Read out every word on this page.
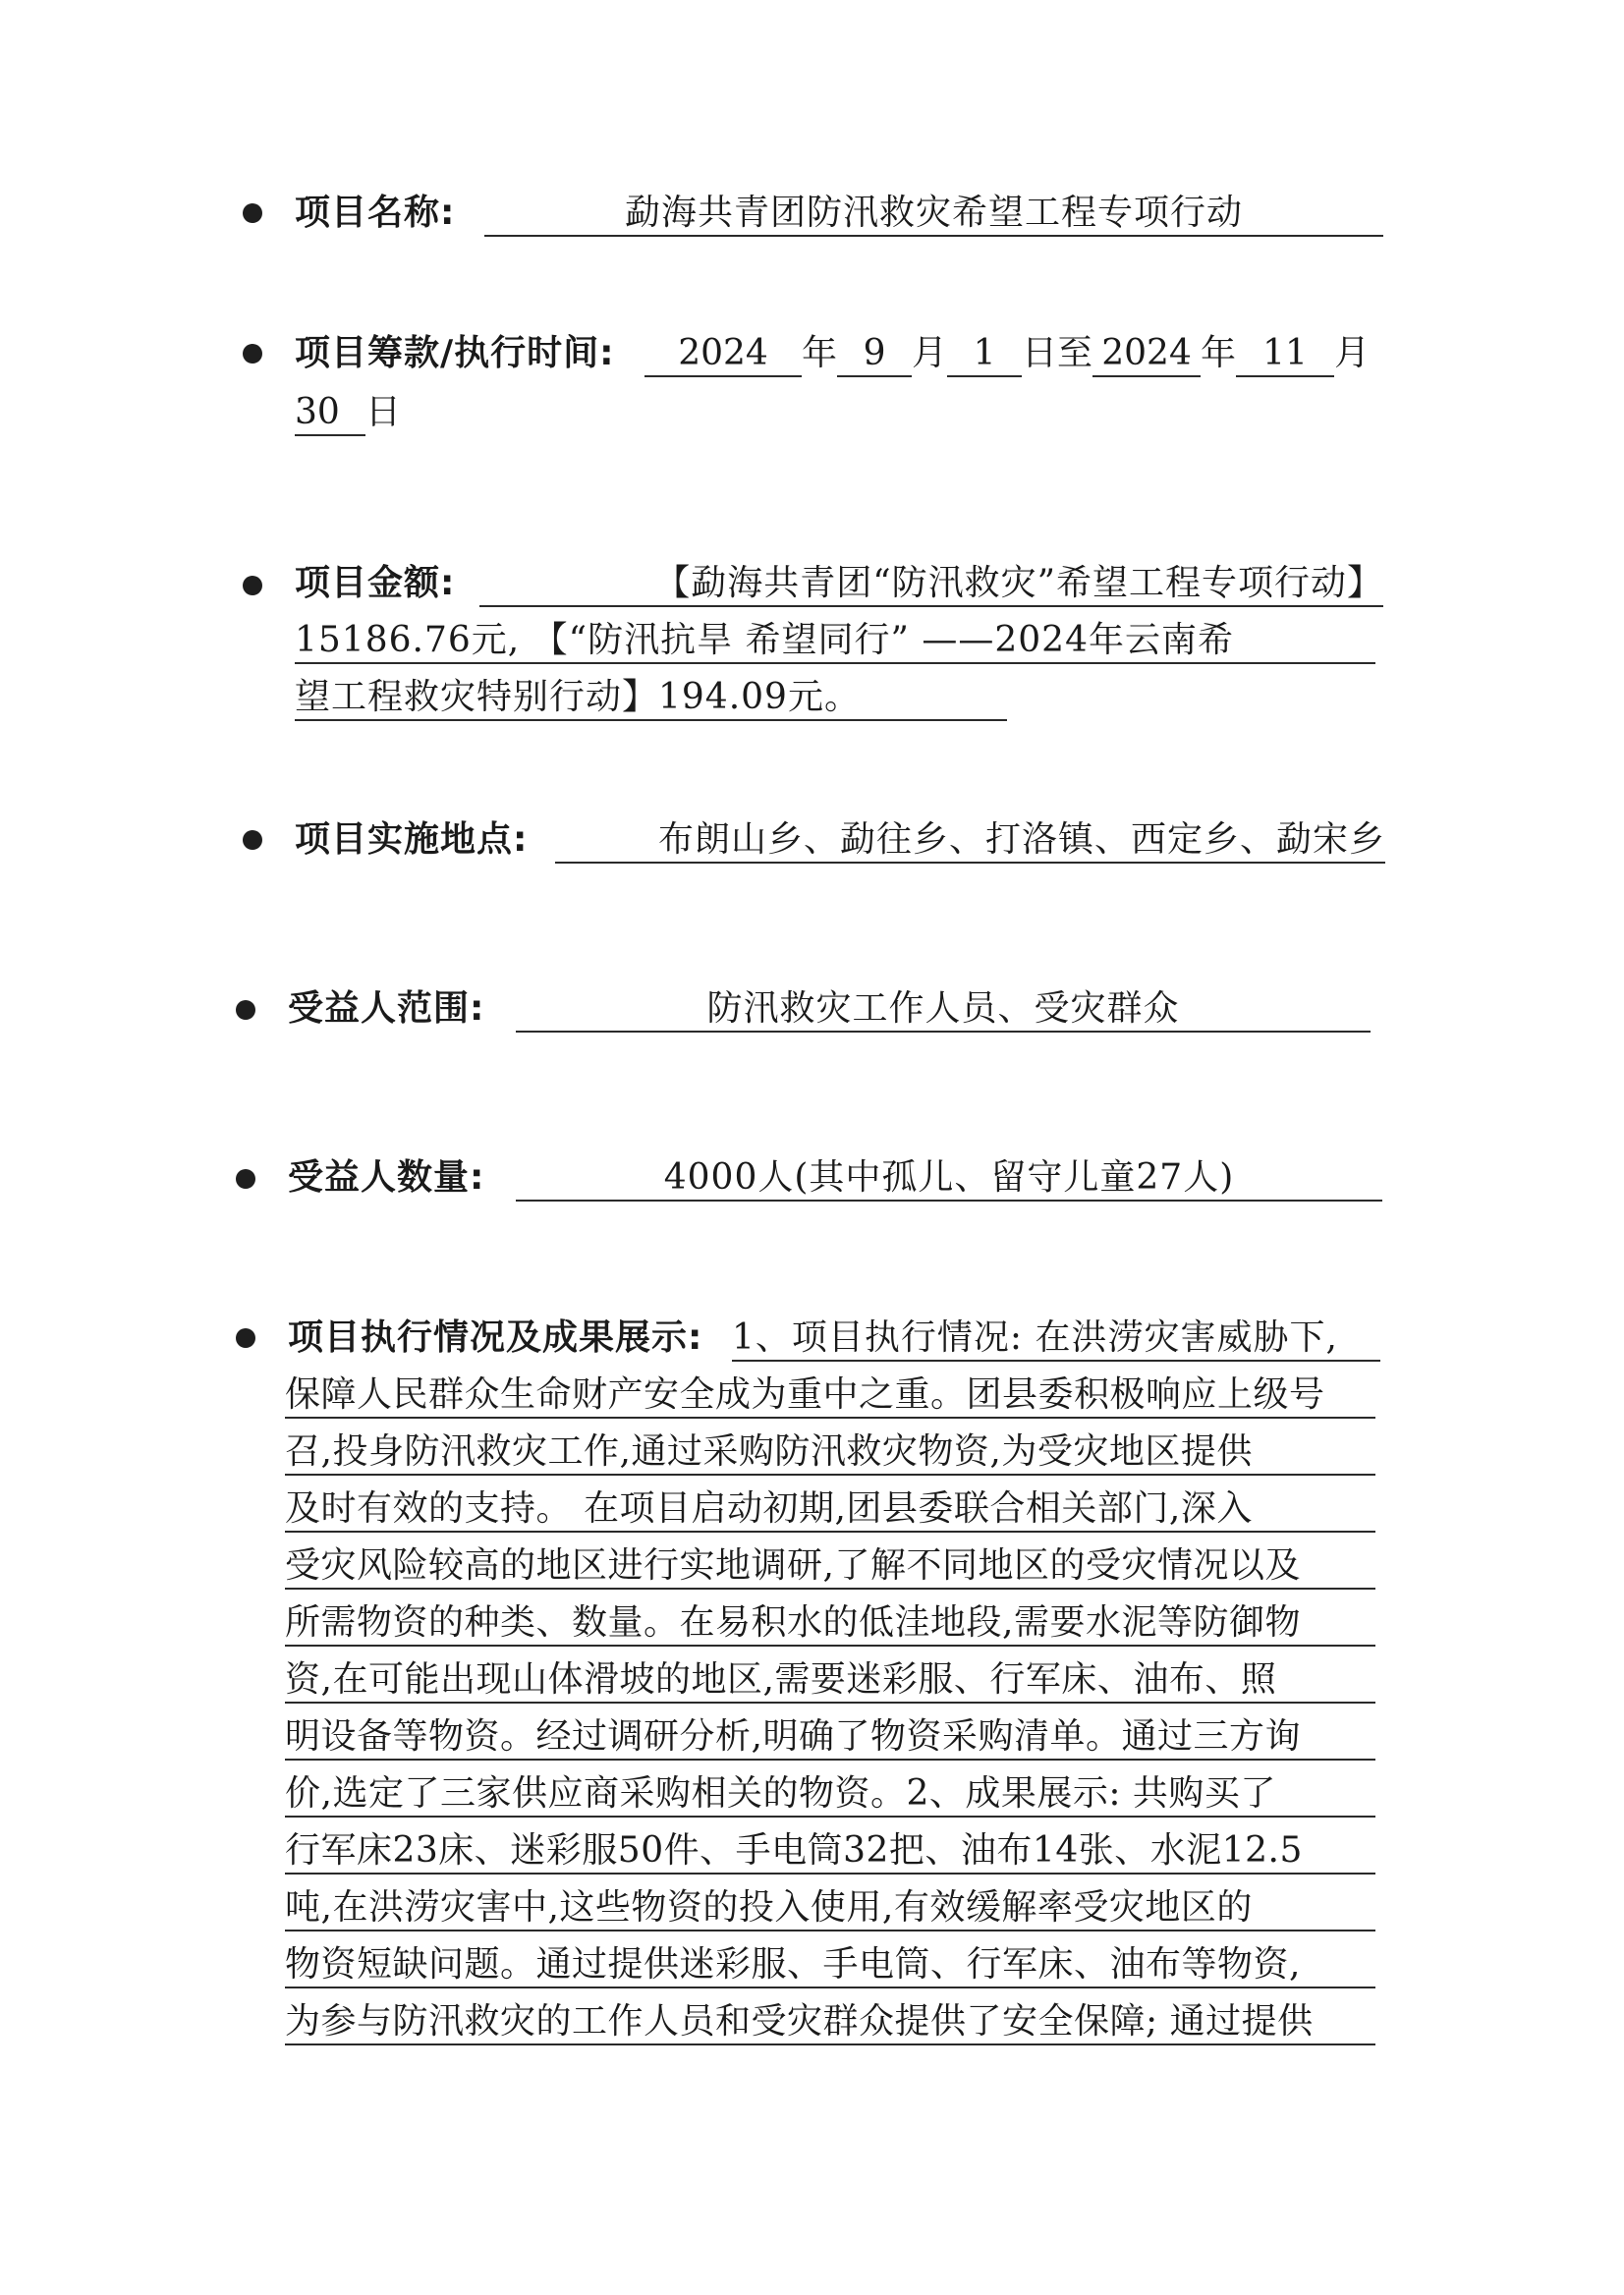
项目名称:	勐海共青团防汛救灾希望工程专项行动
项目筹款/执行时间:	2024 年 9 月 1 日至 2024 年 11 月
30 日
项目金额:	【勐海共青团“防汛救灾”希望工程专项行动】
15186.76元, 【“防汛抗旱 希望同行” ——2024年云南希
望工程救灾特别行动】194.09元。
项目实施地点:	布朗山乡、勐往乡、打洛镇、西定乡、勐宋乡
受益人范围:	防汛救灾工作人员、受灾群众
受益人数量:	4000人(其中孤儿、留守儿童27人)
项目执行情况及成果展示: 1、项目执行情况: 在洪涝灾害威胁下,
保障人民群众生命财产安全成为重中之重。团县委积极响应上级号
召,投身防汛救灾工作,通过采购防汛救灾物资,为受灾地区提供
及时有效的支持。 在项目启动初期,团县委联合相关部门,深入
受灾风险较高的地区进行实地调研,了解不同地区的受灾情况以及
所需物资的种类、数量。在易积水的低洼地段,需要水泥等防御物
资,在可能出现山体滑坡的地区,需要迷彩服、行军床、油布、照
明设备等物资。经过调研分析,明确了物资采购清单。通过三方询
价,选定了三家供应商采购相关的物资。2、成果展示: 共购买了
行军床23床、迷彩服50件、手电筒32把、油布14张、水泥12.5
吨,在洪涝灾害中,这些物资的投入使用,有效缓解率受灾地区的
物资短缺问题。通过提供迷彩服、手电筒、行军床、油布等物资,
为参与防汛救灾的工作人员和受灾群众提供了安全保障; 通过提供
